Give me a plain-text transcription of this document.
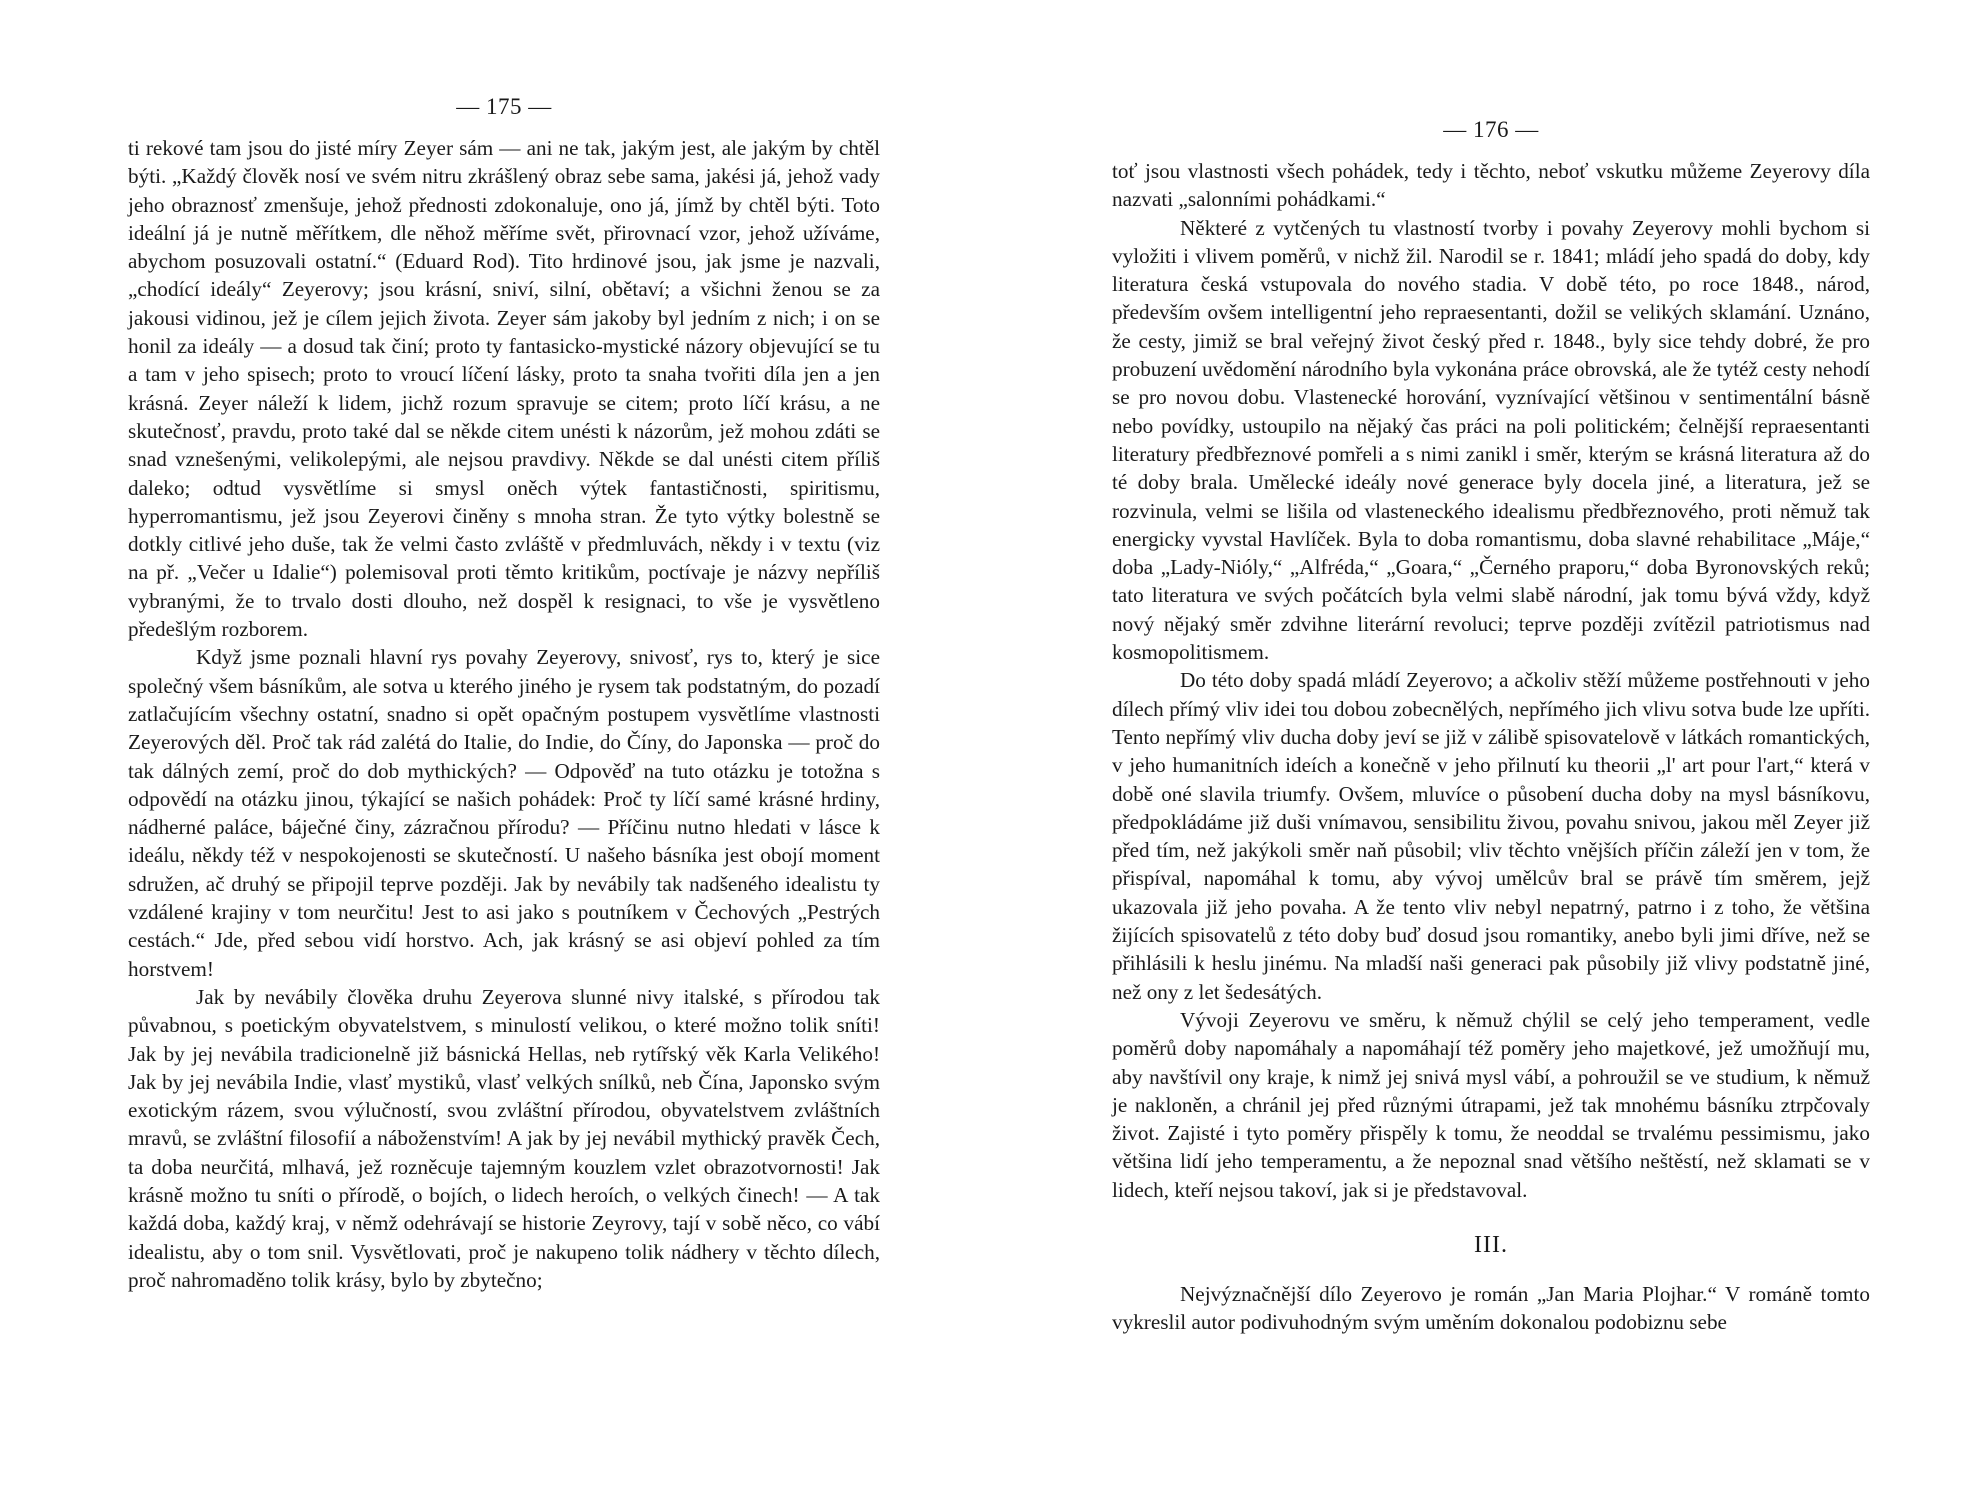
— 175 —

ti rekové tam jsou do jisté míry Zeyer sám — ani ne tak, jakým jest, ale jakým by chtěl býti. „Každý člověk nosí ve svém nitru zkrášlený obraz sebe sama, jakési já, jehož vady jeho obraznosť zmenšuje, jehož přednosti zdokonaluje, ono já, jímž by chtěl býti. Toto ideální já je nutně měřítkem, dle něhož měříme svět, přirovnací vzor, jehož užíváme, abychom posuzovali ostatní.“ (Eduard Rod). Tito hrdinové jsou, jak jsme je nazvali, „chodící ideály“ Zeyerovy; jsou krásní, sniví, silní, obětaví; a všichni ženou se za jakousi vidinou, jež je cílem jejich života. Zeyer sám jakoby byl jedním z nich; i on se honil za ideály — a dosud tak činí; proto ty fantasicko-mystické názory objevující se tu a tam v jeho spisech; proto to vroucí líčení lásky, proto ta snaha tvořiti díla jen a jen krásná. Zeyer náleží k lidem, jichž rozum spravuje se citem; proto líčí krásu, a ne skutečnosť, pravdu, proto také dal se někde citem unésti k názorům, jež mohou zdáti se snad vznešenými, velikolepými, ale nejsou pravdivy. Někde se dal unésti citem příliš daleko; odtud vysvětlíme si smysl oněch výtek fantastičnosti, spiritismu, hyperromantismu, jež jsou Zeyerovi činěny s mnoha stran. Že tyto výtky bolestně se dotkly citlivé jeho duše, tak že velmi často zvláště v předmluvách, někdy i v textu (viz na př. „Večer u Idalie“) polemisoval proti těmto kritikům, poctívaje je názvy nepříliš vybranými, že to trvalo dosti dlouho, než dospěl k resignaci, to vše je vysvětleno předešlým rozborem.

Když jsme poznali hlavní rys povahy Zeyerovy, snivosť, rys to, který je sice společný všem básníkům, ale sotva u kterého jiného je rysem tak podstatným, do pozadí zatlačujícím všechny ostatní, snadno si opět opačným postupem vysvětlíme vlastnosti Zeyerových děl. Proč tak rád zalétá do Italie, do Indie, do Číny, do Japonska — proč do tak dálných zemí, proč do dob mythických? — Odpověď na tuto otázku je totožna s odpovědí na otázku jinou, týkající se našich pohádek: Proč ty líčí samé krásné hrdiny, nádherné paláce, báječné činy, zázračnou přírodu? — Příčinu nutno hledati v lásce k ideálu, někdy též v nespokojenosti se skutečností. U našeho básníka jest obojí moment sdružen, ač druhý se připojil teprve později. Jak by nevábily tak nadšeného idealistu ty vzdálené krajiny v tom neurčitu! Jest to asi jako s poutníkem v Čechových „Pestrých cestách.“ Jde, před sebou vidí horstvo. Ach, jak krásný se asi objeví pohled za tím horstvem!

Jak by nevábily člověka druhu Zeyerova slunné nivy italské, s přírodou tak půvabnou, s poetickým obyvatelstvem, s minulostí velikou, o které možno tolik sníti! Jak by jej nevábila tradicionelně již básnická Hellas, neb rytířský věk Karla Velikého! Jak by jej nevábila Indie, vlasť mystiků, vlasť velkých snílků, neb Čína, Japonsko svým exotickým rázem, svou výlučností, svou zvláštní přírodou, obyvatelstvem zvláštních mravů, se zvláštní filosofií a náboženstvím! A jak by jej nevábil mythický pravěk Čech, ta doba neurčitá, mlhavá, jež rozněcuje tajemným kouzlem vzlet obrazotvornosti! Jak krásně možno tu sníti o přírodě, o bojích, o lidech heroích, o velkých činech! — A tak každá doba, každý kraj, v němž odehrávají se historie Zeyrovy, tají v sobě něco, co vábí idealistu, aby o tom snil. Vysvětlovati, proč je nakupeno tolik nádhery v těchto dílech, proč nahromaděno tolik krásy, bylo by zbytečno;

— 176 —

toť jsou vlastnosti všech pohádek, tedy i těchto, neboť vskutku můžeme Zeyerovy díla nazvati „salonními pohádkami.“

Některé z vytčených tu vlastností tvorby i povahy Zeyerovy mohli bychom si vyložiti i vlivem poměrů, v nichž žil. Narodil se r. 1841; mládí jeho spadá do doby, kdy literatura česká vstupovala do nového stadia. V době této, po roce 1848., národ, především ovšem intelligentní jeho repraesentanti, dožil se velikých sklamání. Uznáno, že cesty, jimiž se bral veřejný život český před r. 1848., byly sice tehdy dobré, že pro probuzení uvědomění národního byla vykonána práce obrovská, ale že tytéž cesty nehodí se pro novou dobu. Vlastenecké horování, vyznívající většinou v sentimentální básně nebo povídky, ustoupilo na nějaký čas práci na poli politickém; čelnější repraesentanti literatury předbřeznové pomřeli a s nimi zanikl i směr, kterým se krásná literatura až do té doby brala. Umělecké ideály nové generace byly docela jiné, a literatura, jež se rozvinula, velmi se lišila od vlasteneckého idealismu předbřeznového, proti němuž tak energicky vyvstal Havlíček. Byla to doba romantismu, doba slavné rehabilitace „Máje,“ doba „Lady-Nióly,“ „Alfréda,“ „Goara,“ „Černého praporu,“ doba Byronovských reků; tato literatura ve svých počátcích byla velmi slabě národní, jak tomu bývá vždy, když nový nějaký směr zdvihne literární revoluci; teprve později zvítězil patriotismus nad kosmopolitismem.

Do této doby spadá mládí Zeyerovo; a ačkoliv stěží můžeme postřehnouti v jeho dílech přímý vliv idei tou dobou zobecnělých, nepřímého jich vlivu sotva bude lze upříti. Tento nepřímý vliv ducha doby jeví se již v zálibě spisovatelově v látkách romantických, v jeho humanitních ideích a konečně v jeho přilnutí ku theorii „l' art pour l'art,“ která v době oné slavila triumfy. Ovšem, mluvíce o působení ducha doby na mysl básníkovu, předpokládáme již duši vnímavou, sensibilitu živou, povahu snivou, jakou měl Zeyer již před tím, než jakýkoli směr naň působil; vliv těchto vnějších příčin záleží jen v tom, že přispíval, napomáhal k tomu, aby vývoj umělcův bral se právě tím směrem, jejž ukazovala již jeho povaha. A že tento vliv nebyl nepatrný, patrno i z toho, že většina žijících spisovatelů z této doby buď dosud jsou romantiky, anebo byli jimi dříve, než se přihlásili k heslu jinému. Na mladší naši generaci pak působily již vlivy podstatně jiné, než ony z let šedesátých.

Vývoji Zeyerovu ve směru, k němuž chýlil se celý jeho temperament, vedle poměrů doby napomáhaly a napomáhají též poměry jeho majetkové, jež umožňují mu, aby navštívil ony kraje, k nimž jej snivá mysl vábí, a pohroužil se ve studium, k němuž je nakloněn, a chránil jej před různými útrapami, jež tak mnohému básníku ztrpčovaly život. Zajisté i tyto poměry přispěly k tomu, že neoddal se trvalému pessimismu, jako většina lidí jeho temperamentu, a že nepoznal snad většího neštěstí, než sklamati se v lidech, kteří nejsou takoví, jak si je představoval.

III.

Nejvýznačnější dílo Zeyerovo je román „Jan Maria Plojhar.“ V románě tomto vykreslil autor podivuhodným svým uměním dokonalou podobiznu sebe
